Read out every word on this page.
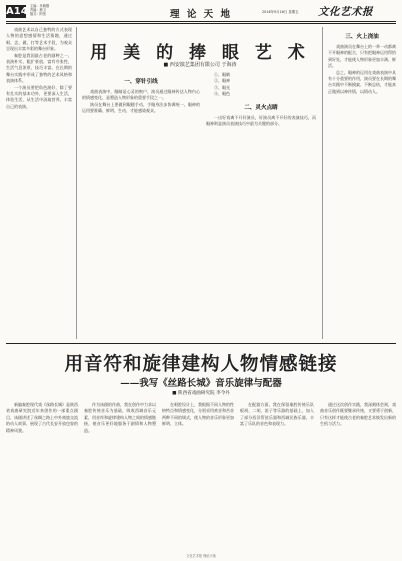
A14 主编：乔晓刚
责编：鹿卫
版式：阿里	理 论 天 地	2016年9月16日 星期五 文化艺术报

戏曲艺术以自己独特的方式表现人物的思想感情和生活情趣，通过唱、念、做、打等艺术手段，为观众呈现出丰富多彩的舞台形象。

秦腔是我国最古老的剧种之一，表演朴实，粗犷豪放，富有夸张性，生活气息浓厚，技巧丰富。在长期的舞台实践中形成了独特的艺术风格和表演体系。

一个演员要把角色演好，除了要有扎实的基本功外，更要深入生活，体验生活，从生活中汲取营养，丰富自己的表演。

用 美 的 捧 眼 艺 术
■ 西安演艺集团有限公司 于海涛
一、穿针引线

戏曲表演中，眼睛是心灵的窗户，演员通过眼神传达人物内心的情感变化，是塑造人物形象的重要手段之一。

演员在舞台上要做到眼随手动，手眼身法步协调统一，眼神的运用要准确、鲜明、生动，才能感染观众。

①、眼睛

②、眼神

③、眼光

④、眼色

二、灵火点睛

一出好戏离不开好演员，好演员离不开好的表演技巧，而眼神则是演员表演技巧中最为关键的部分。

三、火上浇油

戏曲演员在舞台上的一举一动都离不开眼神的配合，只有把眼神运用得恰到好处，才能使人物形象更加丰满、鲜活。

总之，眼神的运用在戏曲表演中具有十分重要的作用，演员要在长期的舞台实践中不断摸索、不断总结，才能真正做到以神传情，以情动人。

用音符和旋律建构人物情感链接
——我写《丝路长城》音乐旋律与配器
■ 陕西省戏曲研究院 李今丹

新编秦腔现代戏《丝路长城》是陕西省戏曲研究院近年来创作的一部重点剧目，该剧讲述了丝绸之路上中外商旅交流的动人故事，展现了古代长安开放包容的精神风貌。

作为该剧的作曲，我在创作中力求以秦腔传统音乐为基础，吸收西域音乐元素，用音符和旋律建构人物之间的情感链接，使音乐更好地服务于剧情和人物塑造。

在唱腔设计上，我根据不同人物的性格特点和情感变化，分别采用欢音和苦音两种不同的调式，使人物的音乐形象更加鲜明、立体。

在配器方面，我在保留秦腔传统乐队板胡、二胡、笛子等乐器的基础上，加入了部分西洋管弦乐器和西域民族乐器，丰富了乐队的音色和表现力。

通过这次创作实践，我深刻体会到，戏曲音乐创作既要继承传统，又要勇于创新，只有这样才能使古老的秦腔艺术焕发出新的生机与活力。

文化艺术报 理论天地
